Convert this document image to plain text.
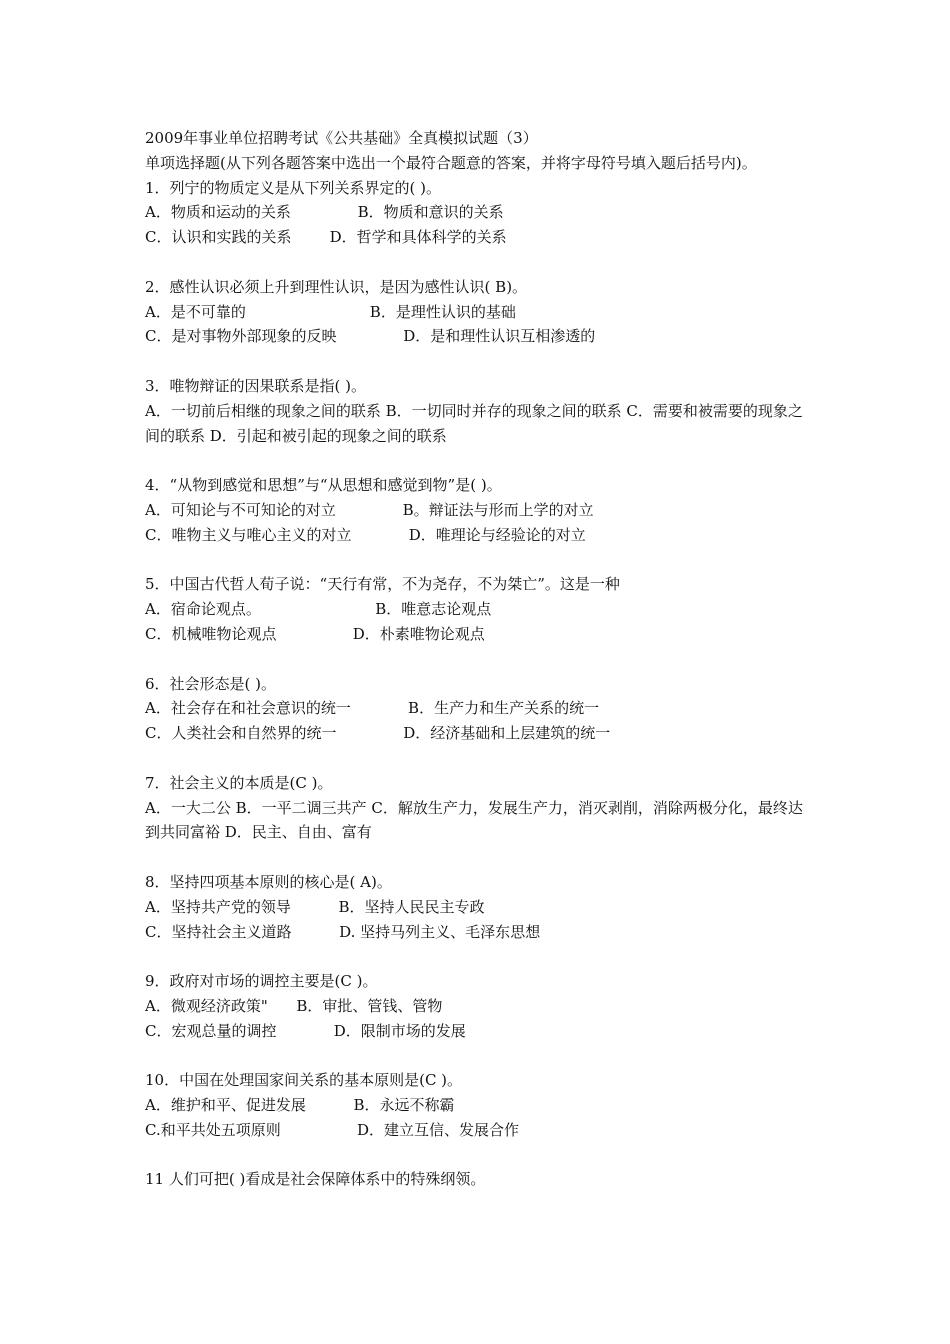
2009年事业单位招聘考试《公共基础》全真模拟试题（3）
单项选择题(从下列各题答案中选出一个最符合题意的答案，并将字母符号填入题后括号内)。
1．列宁的物质定义是从下列关系界定的( )。
A．物质和运动的关系              B．物质和意识的关系
C．认识和实践的关系        D．哲学和具体科学的关系
2．感性认识必须上升到理性认识，是因为感性认识( B)。
A．是不可靠的                          B．是理性认识的基础
C．是对事物外部现象的反映              D．是和理性认识互相渗透的
3．唯物辩证的因果联系是指( )。
A．一切前后相继的现象之间的联系 B．一切同时并存的现象之间的联系 C．需要和被需要的现象之间的联系 D．引起和被引起的现象之间的联系
4．“从物到感觉和思想”与“从思想和感觉到物”是( )。
A．可知论与不可知论的对立              B。辩证法与形而上学的对立
C．唯物主义与唯心主义的对立            D．唯理论与经验论的对立
5．中国古代哲人荀子说：“天行有常，不为尧存，不为桀亡”。这是一种
A．宿命论观点。                        B．唯意志论观点
C．机械唯物论观点                D．朴素唯物论观点
6．社会形态是( )。
A．社会存在和社会意识的统一            B．生产力和生产关系的统一
C．人类社会和自然界的统一              D．经济基础和上层建筑的统一
7．社会主义的本质是(C )。
A．一大二公 B．一平二调三共产 C．解放生产力，发展生产力，消灭剥削，消除两极分化，最终达到共同富裕 D．民主、自由、富有
8．坚持四项基本原则的核心是( A)。
A．坚持共产党的领导          B．坚持人民民主专政
C．坚持社会主义道路          D. 坚持马列主义、毛泽东思想
9．政府对市场的调控主要是(C )。
A．微观经济政策"      B．审批、管钱、管物
C．宏观总量的调控            D．限制市场的发展
10．中国在处理国家间关系的基本原则是(C )。
A．维护和平、促进发展          B．永远不称霸
C.和平共处五项原则                D．建立互信、发展合作
11 人们可把( )看成是社会保障体系中的特殊纲领。
